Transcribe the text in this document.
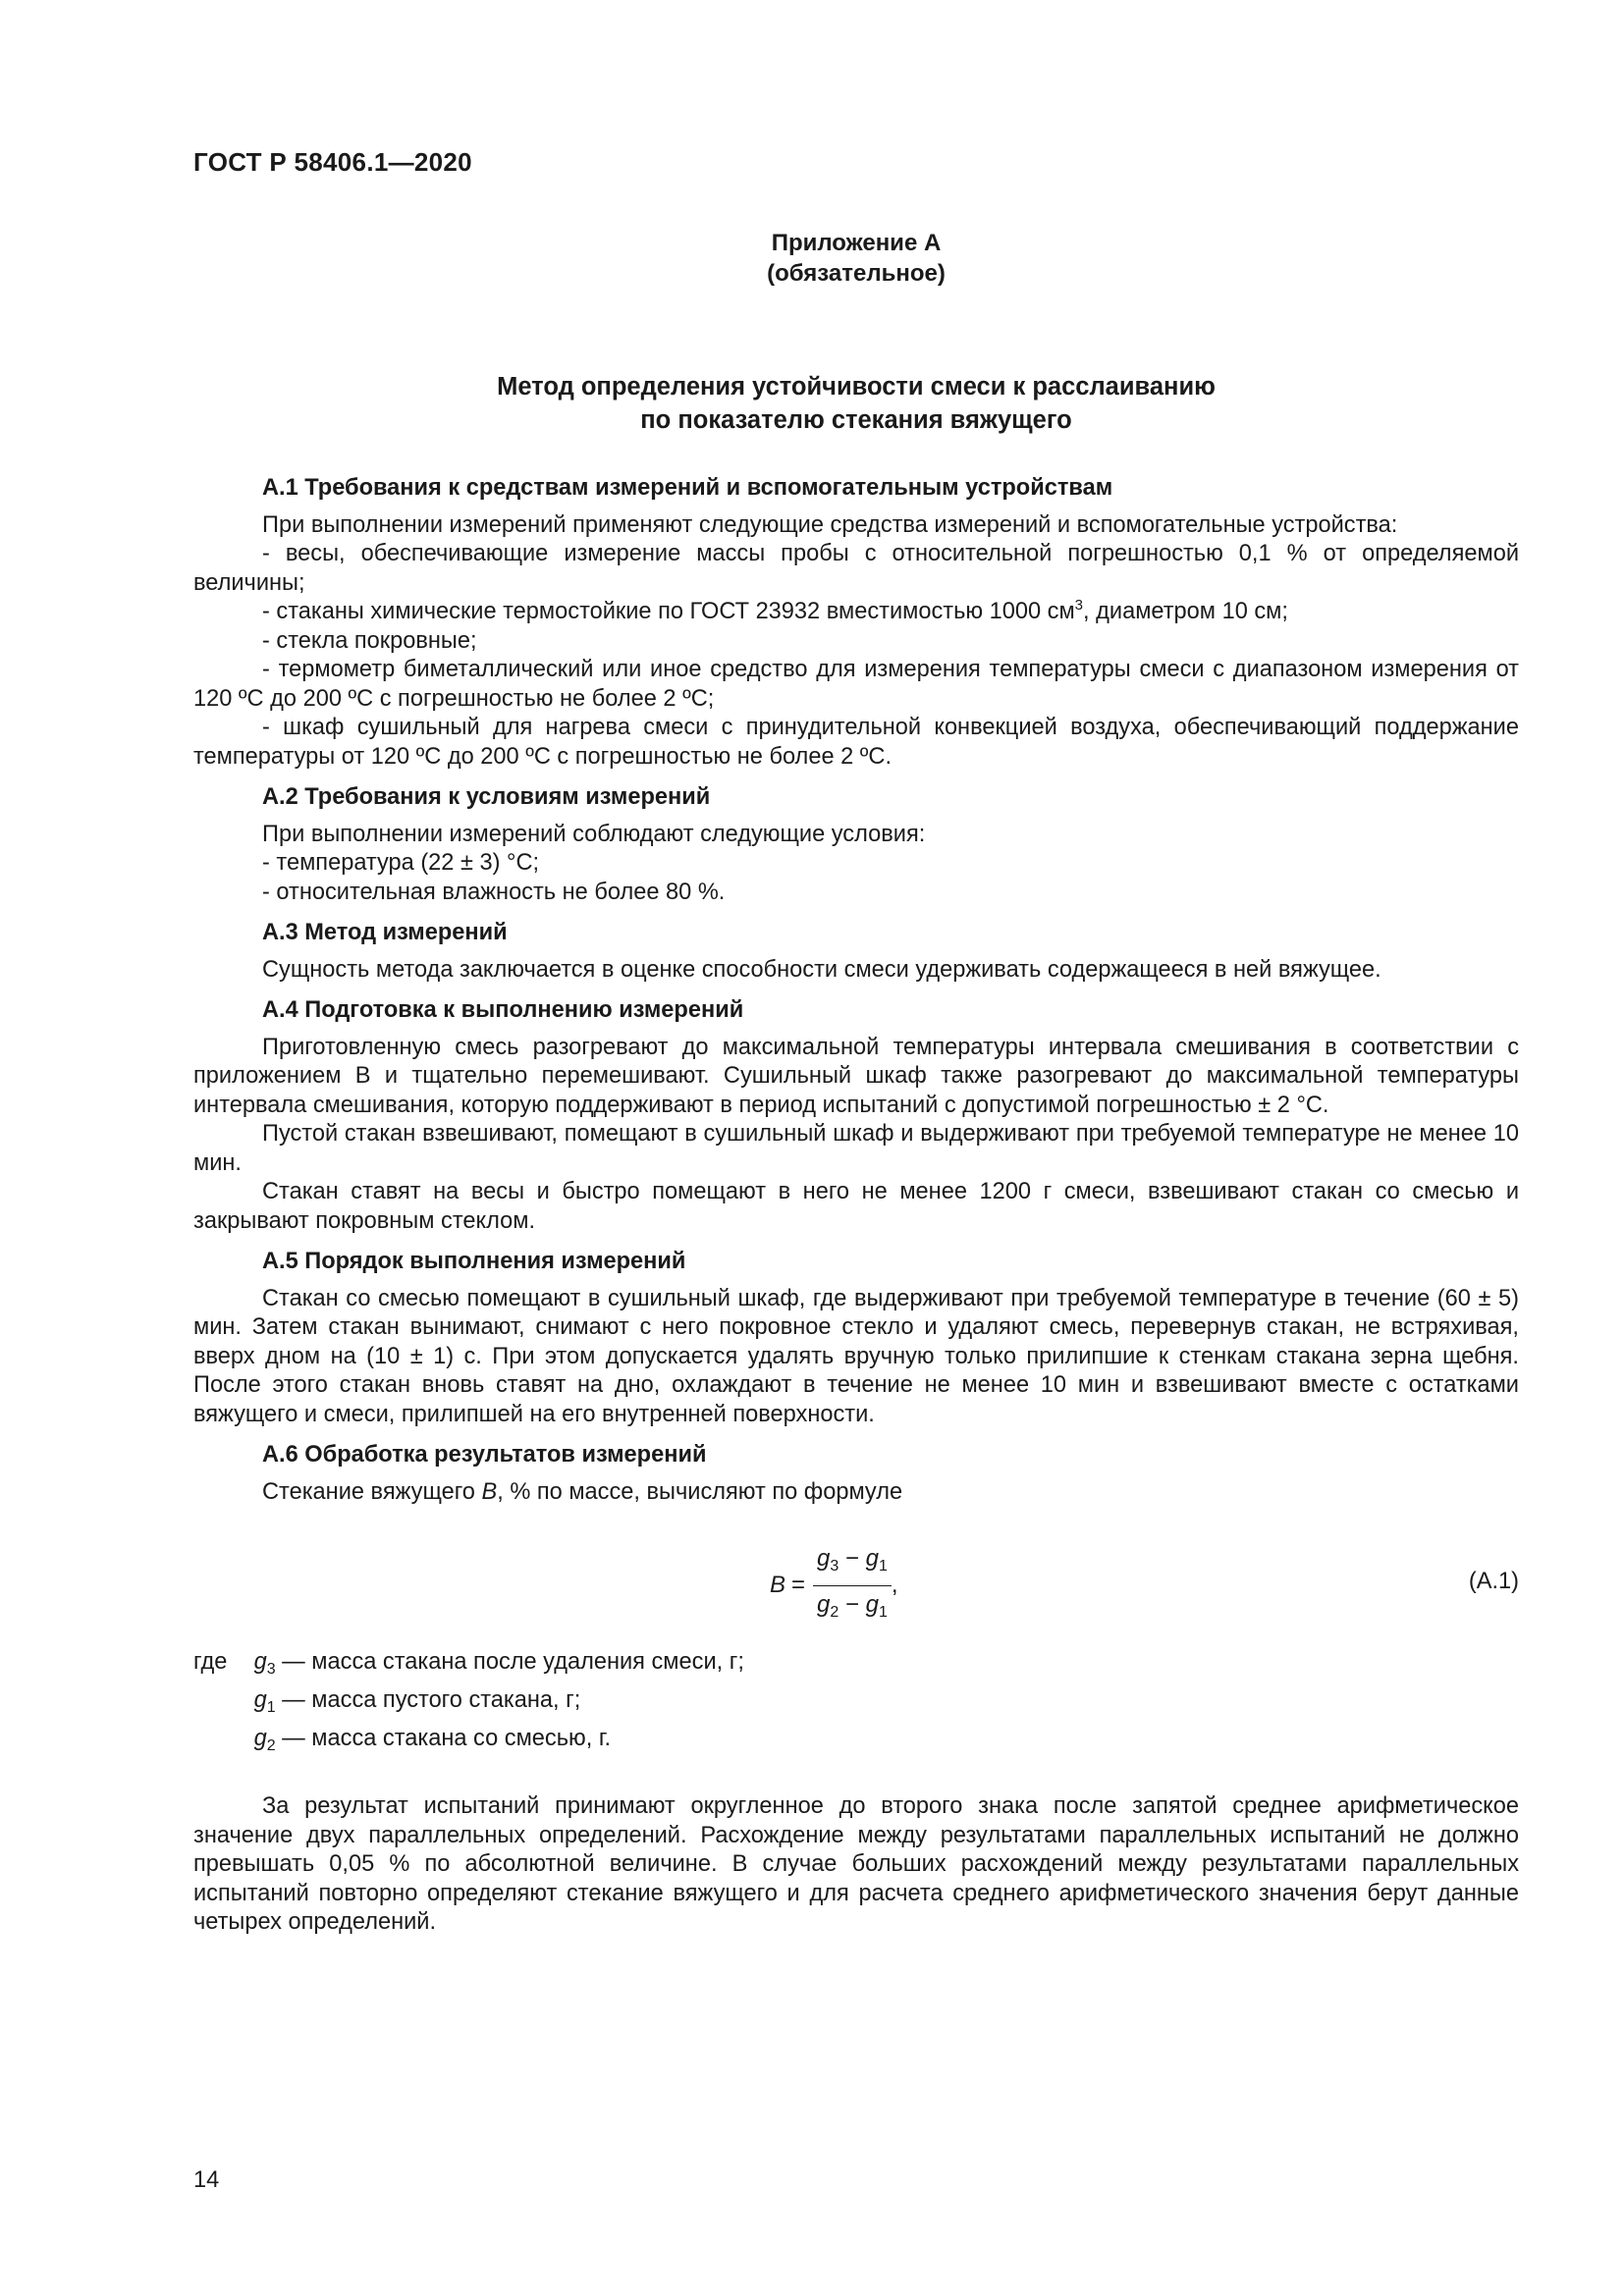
ГОСТ Р 58406.1—2020
Приложение А
(обязательное)
Метод определения устойчивости смеси к расслаиванию
по показателю стекания вяжущего
А.1 Требования к средствам измерений и вспомогательным устройствам

При выполнении измерений применяют следующие средства измерений и вспомогательные устройства:

- весы, обеспечивающие измерение массы пробы с относительной погрешностью 0,1 % от определяемой величины;

- стаканы химические термостойкие по ГОСТ 23932 вместимостью 1000 $см^3$, диаметром 10 см;

- стекла покровные;

- термометр биметаллический или иное средство для измерения температуры смеси с диапазоном измерения от 120 ºС до 200 ºС с погрешностью не более 2 ºС;

- шкаф сушильный для нагрева смеси с принудительной конвекцией воздуха, обеспечивающий поддержание температуры от 120 ºС до 200 ºС с погрешностью не более 2 ºС.

А.2 Требования к условиям измерений

При выполнении измерений соблюдают следующие условия:

- температура (22 ± 3) °С;

- относительная влажность не более 80 %.

А.3 Метод измерений

Сущность метода заключается в оценке способности смеси удерживать содержащееся в ней вяжущее.

А.4 Подготовка к выполнению измерений

Приготовленную смесь разогревают до максимальной температуры интервала смешивания в соответствии с приложением В и тщательно перемешивают. Сушильный шкаф также разогревают до максимальной температуры интервала смешивания, которую поддерживают в период испытаний с допустимой погрешностью ± 2 °С.

Пустой стакан взвешивают, помещают в сушильный шкаф и выдерживают при требуемой температуре не менее 10 мин.

Стакан ставят на весы и быстро помещают в него не менее 1200 г смеси, взвешивают стакан со смесью и закрывают покровным стеклом.

А.5 Порядок выполнения измерений

Стакан со смесью помещают в сушильный шкаф, где выдерживают при требуемой температуре в течение (60 ± 5) мин. Затем стакан вынимают, снимают с него покровное стекло и удаляют смесь, перевернув стакан, не встряхивая, вверх дном на (10 ± 1) с. При этом допускается удалять вручную только прилипшие к стенкам стакана зерна щебня. После этого стакан вновь ставят на дно, охлаждают в течение не менее 10 мин и взвешивают вместе с остатками вяжущего и смеси, прилипшей на его внутренней поверхности.

А.6 Обработка результатов измерений

Стекание вяжущего B, % по массе, вычисляют по формуле

$B = \frac{g_3 - g_1}{g_2 - g_1}$ ,	(А.1)
где	$g_3$ — масса стакана после удаления смеси, г;
$g_1$ — масса пустого стакана, г;
$g_2$ — масса стакана со смесью, г.

За результат испытаний принимают округленное до второго знака после запятой среднее арифметическое значение двух параллельных определений. Расхождение между результатами параллельных испытаний не должно превышать 0,05 % по абсолютной величине. В случае больших расхождений между результатами параллельных испытаний повторно определяют стекание вяжущего и для расчета среднего арифметического значения берут данные четырех определений.

14
